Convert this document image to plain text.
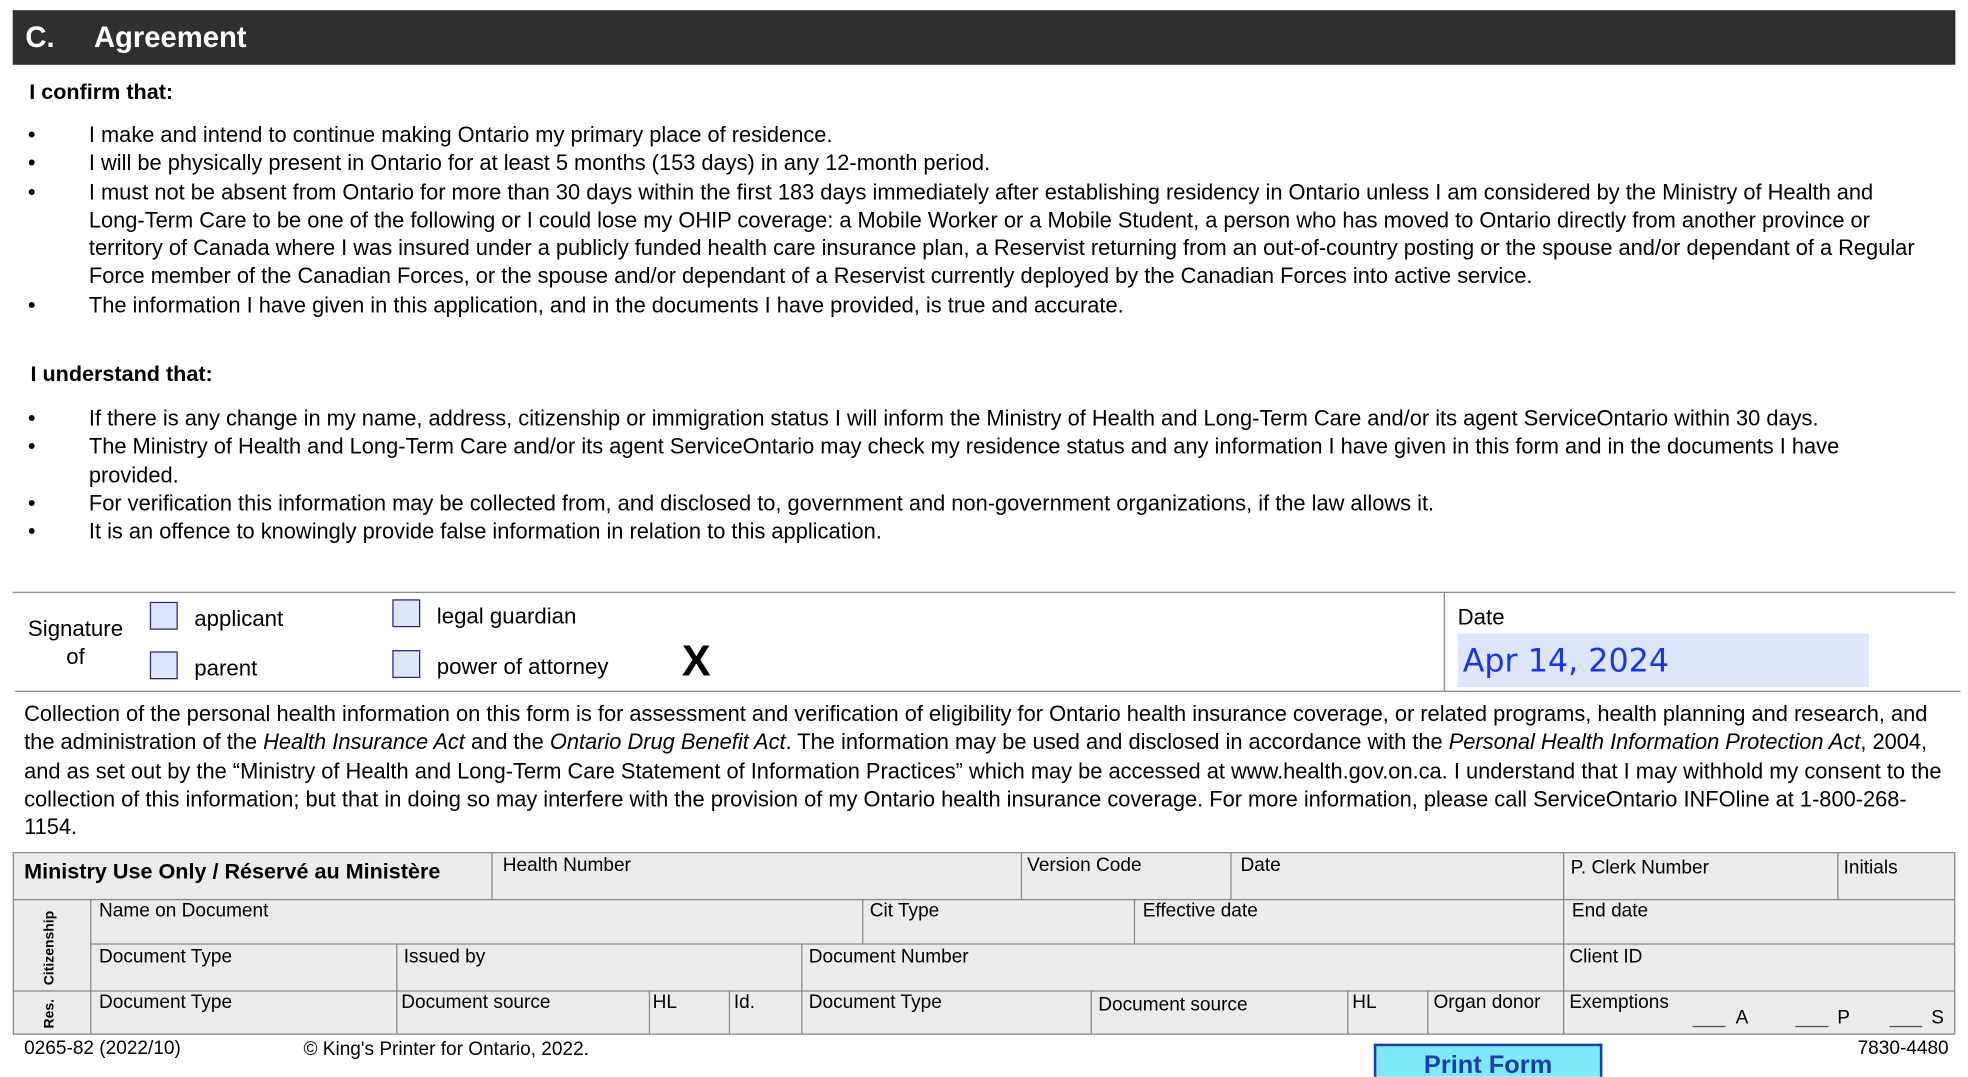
C. Agreement
I confirm that:
•	I make and intend to continue making Ontario my primary place of residence.
•	I will be physically present in Ontario for at least 5 months (153 days) in any 12-month period.
•	I must not be absent from Ontario for more than 30 days within the first 183 days immediately after establishing residency in Ontario unless I am considered by the Ministry of Health and Long-Term Care to be one of the following or I could lose my OHIP coverage: a Mobile Worker or a Mobile Student, a person who has moved to Ontario directly from another province or territory of Canada where I was insured under a publicly funded health care insurance plan, a Reservist returning from an out-of-country posting or the spouse and/or dependant of a Regular Force member of the Canadian Forces, or the spouse and/or dependant of a Reservist currently deployed by the Canadian Forces into active service.
•	The information I have given in this application, and in the documents I have provided, is true and accurate.
I understand that:
•	If there is any change in my name, address, citizenship or immigration status I will inform the Ministry of Health and Long-Term Care and/or its agent ServiceOntario within 30 days.
•	The Ministry of Health and Long-Term Care and/or its agent ServiceOntario may check my residence status and any information I have given in this form and in the documents I have provided.
•	For verification this information may be collected from, and disclosed to, government and non-government organizations, if the law allows it.
•	It is an offence to knowingly provide false information in relation to this application.
Signature
of
applicant	legal guardian
parent	power of attorney X
Date
Apr 14, 2024

Collection of the personal health information on this form is for assessment and verification of eligibility for Ontario health insurance coverage, or related programs, health planning and research, and the administration of the Health Insurance Act and the Ontario Drug Benefit Act. The information may be used and disclosed in accordance with the Personal Health Information Protection Act, 2004, and as set out by the “Ministry of Health and Long-Term Care Statement of Information Practices” which may be accessed at www.health.gov.on.ca. I understand that I may withhold my consent to the collection of this information; but that in doing so may interfere with the provision of my Ontario health insurance coverage. For more information, please call ServiceOntario INFOline at 1-800-268-1154.

Ministry Use Only / Réservé au Ministère	Health Number	Version Code	Date	P. Clerk Number	Initials
Citizenship
Res.
Name on Document	Cit Type	Effective date	End date
Document Type	Issued by	Document Number	Client ID
Document Type	Document source	HL	Id.	Document Type	Document source	HL	Organ donor Exemptions
A	P	S
0265-82 (2022/10)	© King's Printer for Ontario, 2022.
Print Form
7830-4480
